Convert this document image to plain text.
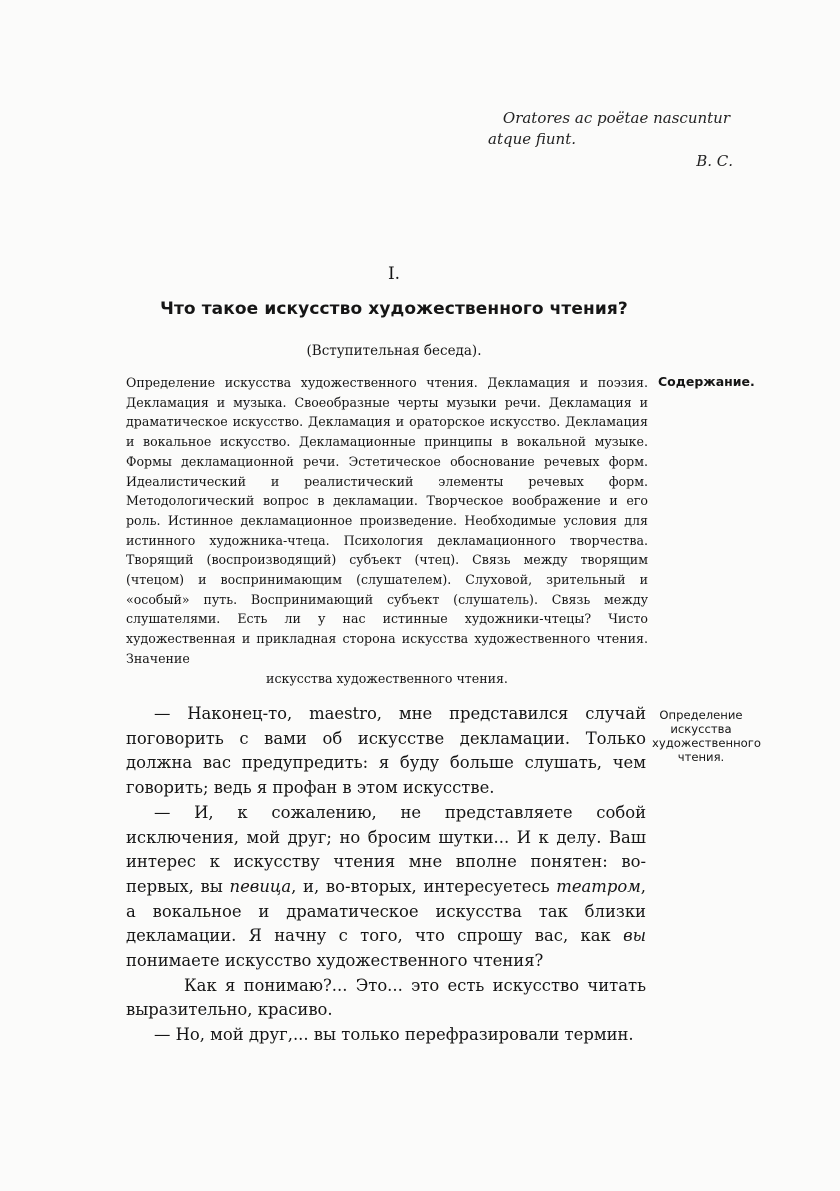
Oratores ac poëtae nascuntur
atque fiunt.
В. С.
I.
Что такое искусство художественного чтения?
(Вступительная беседа).
Определение искусства художественного чтения. Декламация и поэзия. Декламация и музыка. Своеобразные черты музыки речи. Декламация и драматическое искусство. Декламация и ораторское искусство. Декламация и вокальное искусство. Декламационные принципы в вокальной музыке. Формы декламационной речи. Эстетическое обоснование речевых форм. Идеалистический и реалистический элементы речевых форм. Методологический вопрос в декламации. Творческое воображение и его роль. Истинное декламационное произведение. Необходимые условия для истинного художника-чтеца. Психология декламационного творчества. Творящий (воспроизводящий) субъект (чтец). Связь между творящим (чтецом) и воспринимающим (слушателем). Слуховой, зрительный и «особый» путь. Воспринимающий субъект (слушатель). Связь между слушателями. Есть ли у нас истинные художники-чтецы? Чисто художественная и прикладная сторона искусства художественного чтения. Значение
искусства художественного чтения.
Содержание.
Определение искусства художественного чтения.

— Наконец-то, maestro, мне представился случай поговорить с вами об искусстве декламации. Только должна вас предупредить: я буду больше слушать, чем говорить; ведь я профан в этом искусстве.

— И, к сожалению, не представляете собой исключения, мой друг; но бросим шутки... И к делу. Ваш интерес к искусству чтения мне вполне понятен: во-первых, вы певица, и, во-вторых, интересуетесь театром, а вокальное и драматическое искусства так близки декламации. Я начну с того, что спрошу вас, как вы понимаете искусство художественного чтения?

Как я понимаю?... Это... это есть искусство читать выразительно, красиво.

— Но, мой друг,... вы только перефразировали термин.
